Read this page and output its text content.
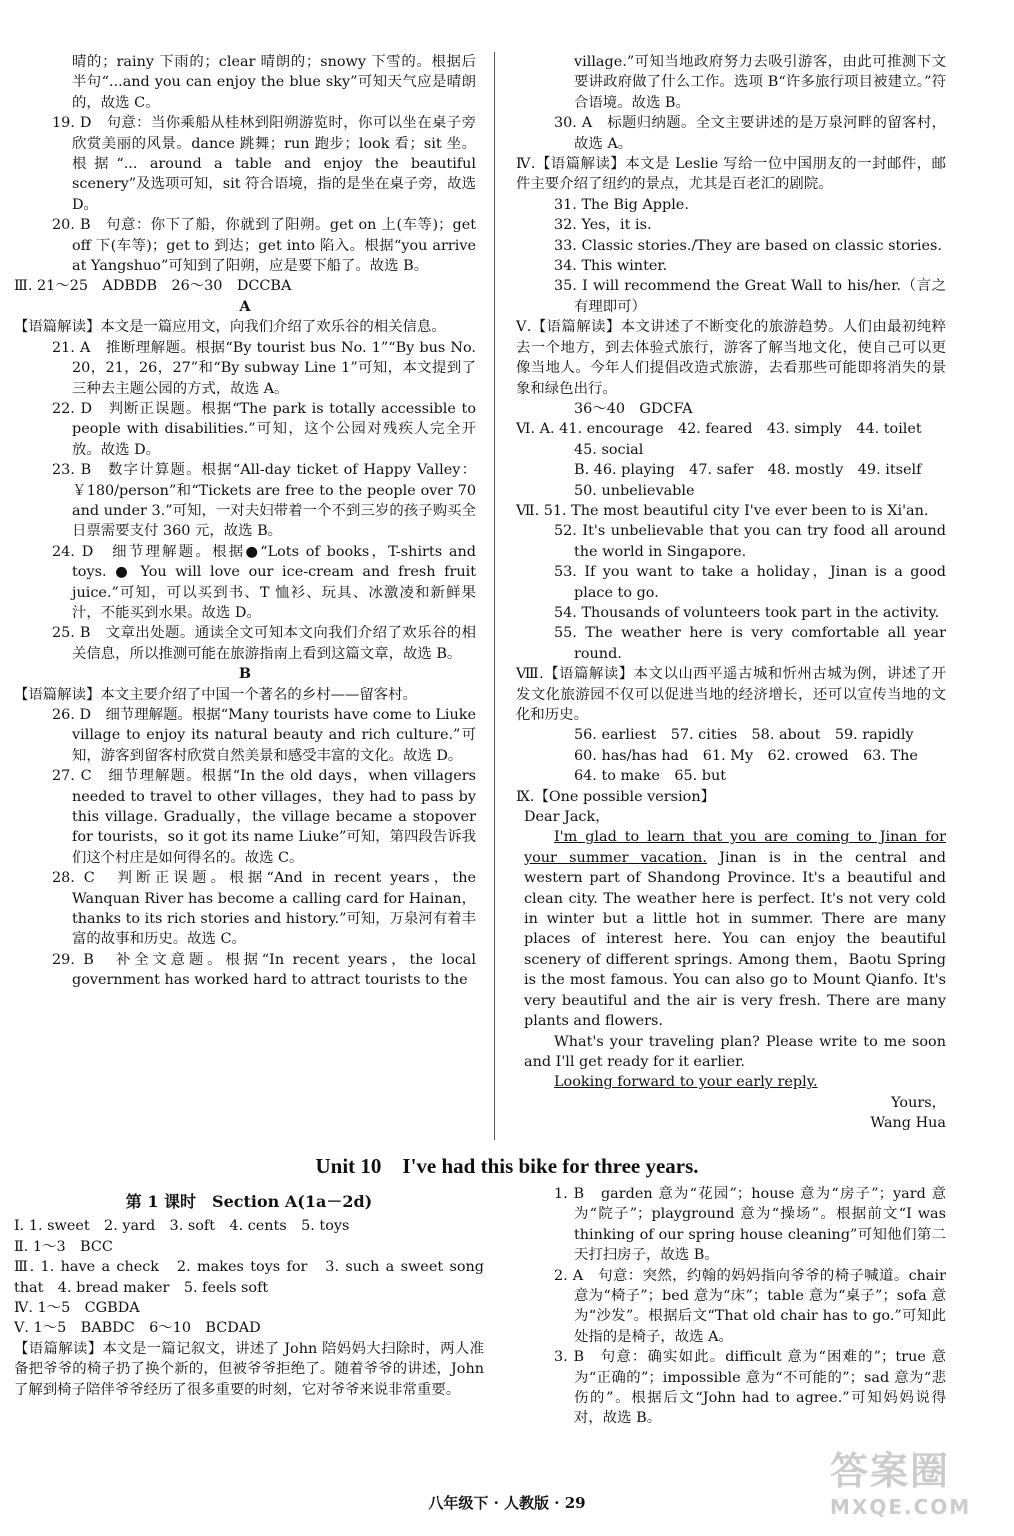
晴的；rainy 下雨的；clear 晴朗的；snowy 下雪的。根据后半句“...and you can enjoy the blue sky”可知天气应是晴朗的，故选 C。

19. D　句意：当你乘船从桂林到阳朔游览时，你可以坐在桌子旁欣赏美丽的风景。dance 跳舞；run 跑步；look 看；sit 坐。根据“... around a table and enjoy the beautiful scenery”及选项可知，sit 符合语境，指的是坐在桌子旁，故选 D。

20. B　句意：你下了船，你就到了阳朔。get on 上(车等)；get off 下(车等)；get to 到达；get into 陷入。根据“you arrive at Yangshuo”可知到了阳朔，应是要下船了。故选 B。

Ⅲ. 21～25　ADBDB　26～30　DCCBA

A

【语篇解读】本文是一篇应用文，向我们介绍了欢乐谷的相关信息。

21. A　推断理解题。根据“By tourist bus No. 1”“By bus No. 20，21，26，27”和“By subway Line 1”可知，本文提到了三种去主题公园的方式，故选 A。

22. D　判断正误题。根据“The park is totally accessible to people with disabilities.”可知，这个公园对残疾人完全开放。故选 D。

23. B　数字计算题。根据“All-day ticket of Happy Valley：￥180/person”和“Tickets are free to the people over 70 and under 3.”可知，一对夫妇带着一个不到三岁的孩子购买全日票需要支付 360 元，故选 B。

24. D　细节理解题。根据●“Lots of books，T-shirts and toys. ● You will love our ice-cream and fresh fruit juice.”可知，可以买到书、T 恤衫、玩具、冰激凌和新鲜果汁，不能买到水果。故选 D。

25. B　文章出处题。通读全文可知本文向我们介绍了欢乐谷的相关信息，所以推测可能在旅游指南上看到这篇文章，故选 B。

B

【语篇解读】本文主要介绍了中国一个著名的乡村——留客村。

26. D　细节理解题。根据“Many tourists have come to Liuke village to enjoy its natural beauty and rich culture.”可知，游客到留客村欣赏自然美景和感受丰富的文化。故选 D。

27. C　细节理解题。根据“In the old days，when villagers needed to travel to other villages，they had to pass by this village. Gradually，the village became a stopover for tourists，so it got its name Liuke”可知，第四段告诉我们这个村庄是如何得名的。故选 C。

28. C　判断正误题。根据“And in recent years，the Wanquan River has become a calling card for Hainan，thanks to its rich stories and history.”可知，万泉河有着丰富的故事和历史。故选 C。

29. B　补全文意题。根据“In recent years，the local government has worked hard to attract tourists to the

village.”可知当地政府努力去吸引游客，由此可推测下文要讲政府做了什么工作。选项 B“许多旅行项目被建立。”符合语境。故选 B。

30. A　标题归纳题。全文主要讲述的是万泉河畔的留客村，故选 A。

Ⅳ.【语篇解读】本文是 Leslie 写给一位中国朋友的一封邮件，邮件主要介绍了纽约的景点，尤其是百老汇的剧院。

31. The Big Apple.

32. Yes，it is.

33. Classic stories./They are based on classic stories.

34. This winter.

35. I will recommend the Great Wall to his/her.（言之有理即可）

Ⅴ.【语篇解读】本文讲述了不断变化的旅游趋势。人们由最初纯粹去一个地方，到去体验式旅行，游客了解当地文化，使自己可以更像当地人。今年人们提倡改造式旅游，去看那些可能即将消失的景象和绿色出行。

36～40　GDCFA

Ⅵ. A. 41. encourage　42. feared　43. simply　44. toilet

45. social

B. 46. playing　47. safer　48. mostly　49. itself

50. unbelievable

Ⅶ. 51. The most beautiful city I've ever been to is Xi'an.

52. It's unbelievable that you can try food all around the world in Singapore.

53. If you want to take a holiday，Jinan is a good place to go.

54. Thousands of volunteers took part in the activity.

55. The weather here is very comfortable all year round.

Ⅷ.【语篇解读】本文以山西平遥古城和忻州古城为例，讲述了开发文化旅游园不仅可以促进当地的经济增长，还可以宣传当地的文化和历史。

56. earliest　57. cities　58. about　59. rapidly

60. has/has had　61. My　62. crowed　63. The

64. to make　65. but

Ⅸ.【One possible version】

Dear Jack，

I'm glad to learn that you are coming to Jinan for your summer vacation. Jinan is in the central and western part of Shandong Province. It's a beautiful and clean city. The weather here is perfect. It's not very cold in winter but a little hot in summer. There are many places of interest here. You can enjoy the beautiful scenery of different springs. Among them，Baotu Spring is the most famous. You can also go to Mount Qianfo. It's very beautiful and the air is very fresh. There are many plants and flowers.

What's your traveling plan? Please write to me soon and I'll get ready for it earlier.

Looking forward to your early reply.

Yours，

Wang Hua

Unit 10　I've had this bike for three years.

第 1 课时　Section A(1a－2d)

Ⅰ. 1. sweet　2. yard　3. soft　4. cents　5. toys

Ⅱ. 1～3　BCC

Ⅲ. 1. have a check　2. makes toys for　3. such a sweet song that　4. bread maker　5. feels soft

Ⅳ. 1～5　CGBDA

Ⅴ. 1～5　BABDC　6～10　BCDAD

【语篇解读】本文是一篇记叙文，讲述了 John 陪妈妈大扫除时，两人准备把爷爷的椅子扔了换个新的，但被爷爷拒绝了。随着爷爷的讲述，John 了解到椅子陪伴爷爷经历了很多重要的时刻，它对爷爷来说非常重要。

1. B　garden 意为“花园”；house 意为“房子”；yard 意为“院子”；playground 意为“操场”。根据前文“I was thinking of our spring house cleaning”可知他们第二天打扫房子，故选 B。

2. A　句意：突然，约翰的妈妈指向爷爷的椅子喊道。chair 意为“椅子”；bed 意为“床”；table 意为“桌子”；sofa 意为“沙发”。根据后文“That old chair has to go.”可知此处指的是椅子，故选 A。

3. B　句意：确实如此。difficult 意为“困难的”；true 意为“正确的”；impossible 意为“不可能的”；sad 意为“悲伤的”。根据后文“John had to agree.”可知妈妈说得对，故选 B。

八年级下 · 人教版 · 29
答案圈
MXQE.COM
